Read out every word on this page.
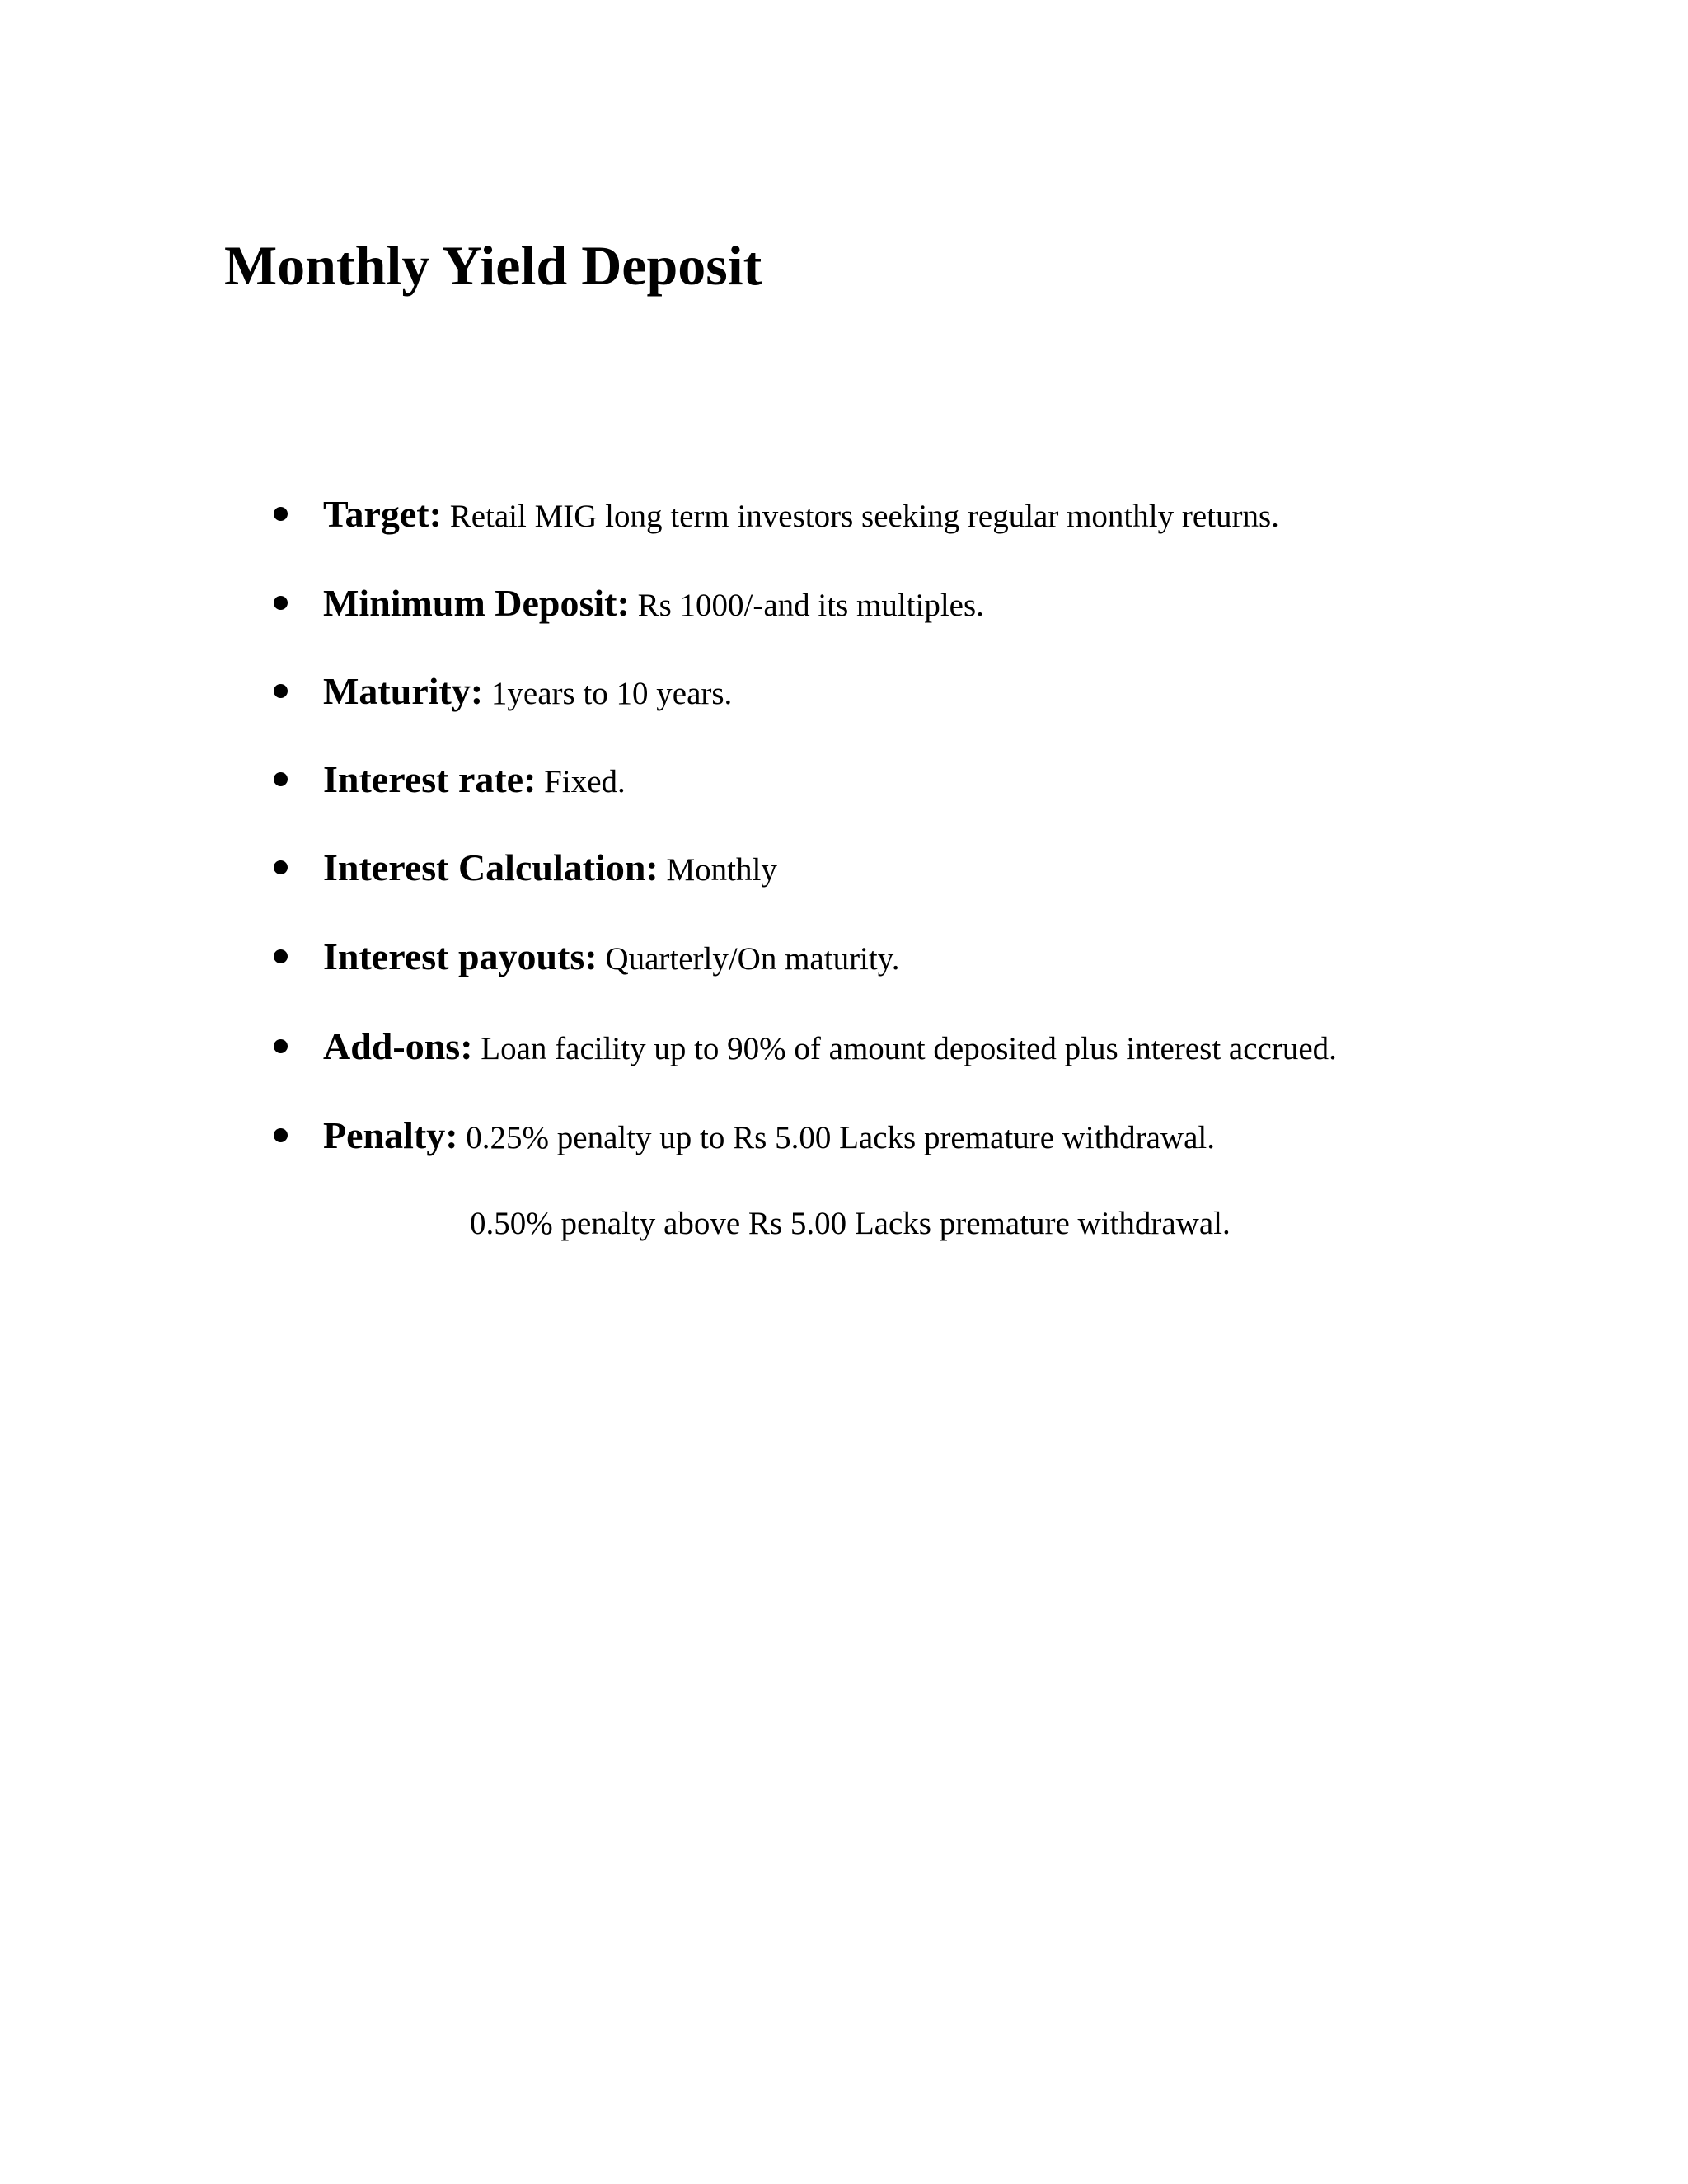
Monthly Yield Deposit
Target: Retail MIG long term investors seeking regular monthly returns.
Minimum Deposit: Rs 1000/-and its multiples.
Maturity: 1years to 10 years.
Interest rate: Fixed.
Interest Calculation: Monthly
Interest payouts: Quarterly/On maturity.
Add-ons: Loan facility up to 90% of amount deposited plus interest accrued.
Penalty: 0.25% penalty up to Rs 5.00 Lacks premature withdrawal.

0.50% penalty above Rs 5.00 Lacks premature withdrawal.
